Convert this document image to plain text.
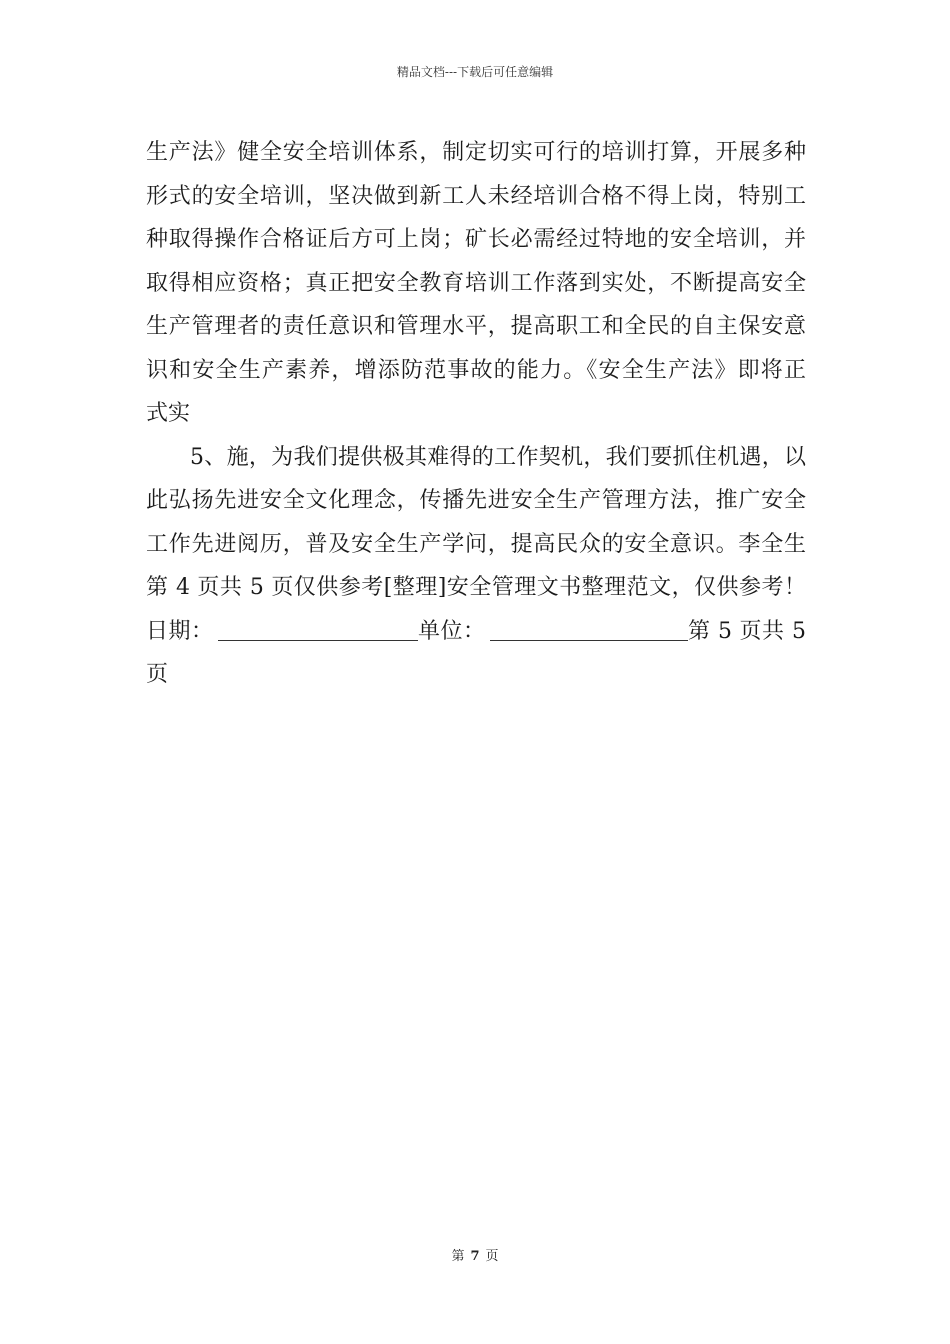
精品文档---下载后可任意编辑

生产法》健全安全培训体系，制定切实可行的培训打算，开展多种
形式的安全培训，坚决做到新工人未经培训合格不得上岗，特别工
种取得操作合格证后方可上岗；矿长必需经过特地的安全培训，并
取得相应资格；真正把安全教育培训工作落到实处，不断提高安全
生产管理者的责任意识和管理水平，提高职工和全民的自主保安意
识和安全生产素养，增添防范事故的能力。《安全生产法》即将正
式实

5、施，为我们提供极其难得的工作契机，我们要抓住机遇，以
此弘扬先进安全文化理念，传播先进安全生产管理方法，推广安全
工作先进阅历，普及安全生产学问，提高民众的安全意识。李全生
第 4 页共 5 页仅供参考[整理]安全管理文书整理范文，仅供参考！

日期：	单位：	第 5 页共 5
页

第 7 页
